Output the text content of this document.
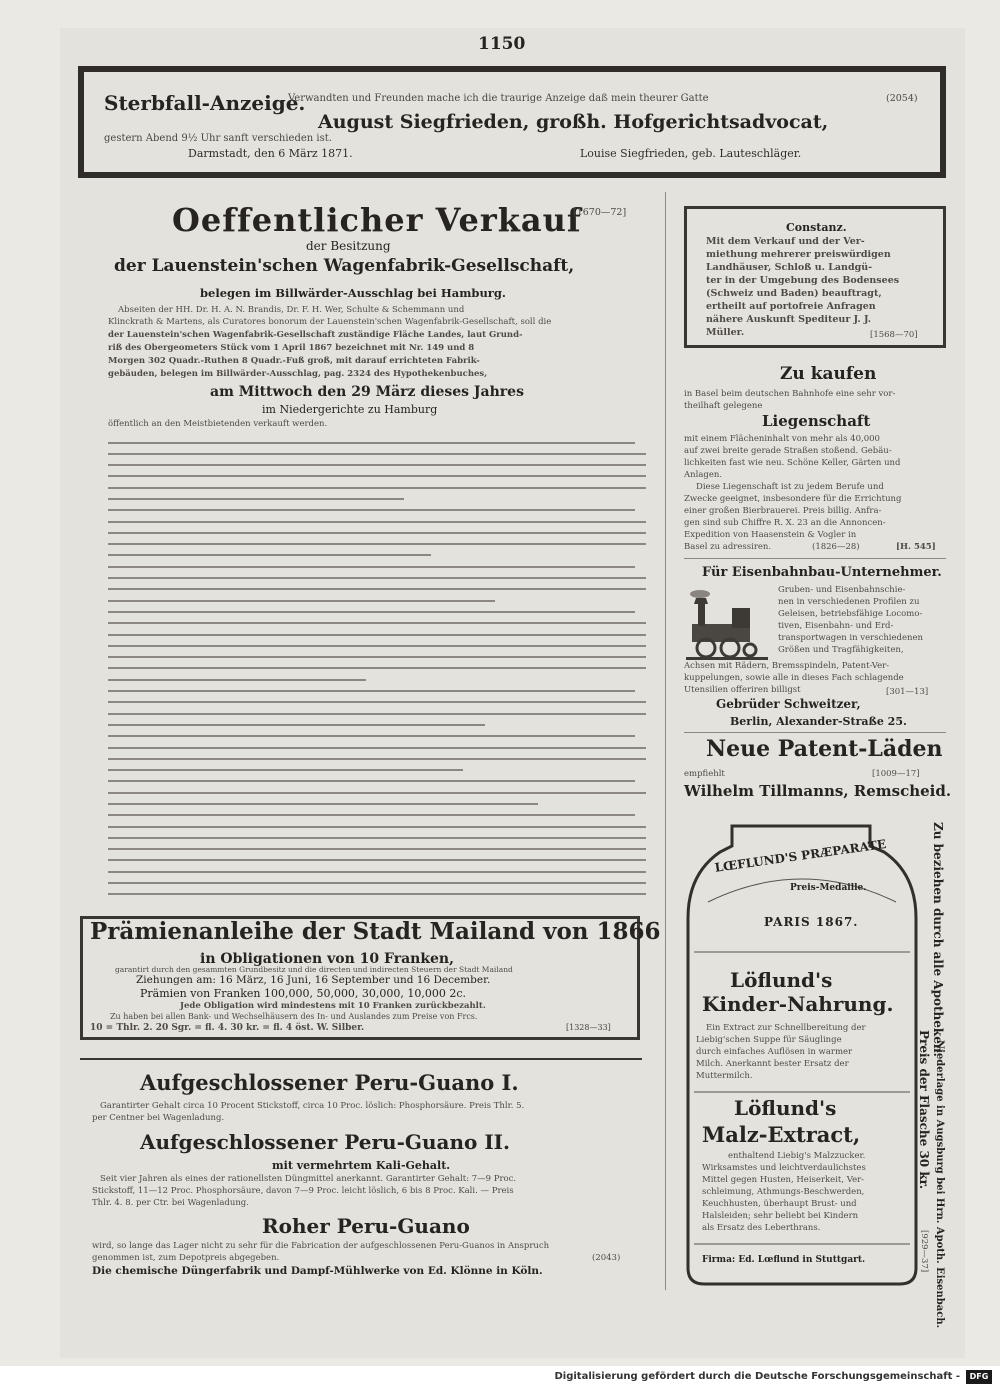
1150
Sterbfall-Anzeige.
Verwandten und Freunden mache ich die traurige Anzeige daß mein theurer Gatte	(2054)
August Siegfrieden, großh. Hofgerichtsadvocat,
gestern Abend 9½ Uhr sanft verschieden ist.
Darmstadt, den 6 März 1871.	Louise Siegfrieden, geb. Lauteschläger.
Oeffentlicher Verkauf
[1670—72]
der Besitzung
der Lauenstein'schen Wagenfabrik-Gesellschaft,
belegen im Billwärder-Ausschlag bei Hamburg.
Abseiten der HH. Dr. H. A. N. Brandis, Dr. F. H. Wer, Schulte & Schemmann und
Klinckrath & Martens, als Curatores bonorum der Lauenstein'schen Wagenfabrik-Gesellschaft, soll die
der Lauenstein'schen Wagenfabrik-Gesellschaft zuständige Fläche Landes, laut Grund-
riß des Obergeometers Stück vom 1 April 1867 bezeichnet mit Nr. 149 und 8
Morgen 302 Quadr.-Ruthen 8 Quadr.-Fuß groß, mit darauf errichteten Fabrik-
gebäuden, belegen im Billwärder-Ausschlag, pag. 2324 des Hypothekenbuches,
am Mittwoch den 29 März dieses Jahres
im Niedergerichte zu Hamburg
öffentlich an den Meistbietenden verkauft werden.
Prämienanleihe der Stadt Mailand von 1866
in Obligationen von 10 Franken,
garantirt durch den gesammten Grundbesitz und die directen und indirecten Steuern der Stadt Mailand
Ziehungen am: 16 März, 16 Juni, 16 September und 16 December.
Prämien von Franken 100,000, 50,000, 30,000, 10,000 2c.
Jede Obligation wird mindestens mit 10 Franken zurückbezahlt.
Zu haben bei allen Bank- und Wechselhäusern des In- und Auslandes zum Preise von Frcs.
10 = Thlr. 2. 20 Sgr. = fl. 4. 30 kr. = fl. 4 öst. W. Silber.	[1328—33]
Aufgeschlossener Peru-Guano I.
Garantirter Gehalt circa 10 Procent Stickstoff, circa 10 Proc. löslich: Phosphorsäure. Preis Thlr. 5.
per Centner bei Wagenladung.
Aufgeschlossener Peru-Guano II.
mit vermehrtem Kali-Gehalt.
Seit vier Jahren als eines der rationellsten Düngmittel anerkannt. Garantirter Gehalt: 7—9 Proc.
Stickstoff, 11—12 Proc. Phosphorsäure, davon 7—9 Proc. leicht löslich, 6 bis 8 Proc. Kali. — Preis
Thlr. 4. 8. per Ctr. bei Wagenladung.
Roher Peru-Guano
wird, so lange das Lager nicht zu sehr für die Fabrication der aufgeschlossenen Peru-Guanos in Anspruch
genommen ist, zum Depotpreis abgegeben.	(2043)
Die chemische Düngerfabrik und Dampf-Mühlwerke von Ed. Klönne in Köln.
Constanz.
Mit dem Verkauf und der Ver-
miethung mehrerer preiswürdigen
Landhäuser, Schloß u. Landgü-
ter in der Umgebung des Bodensees
(Schweiz und Baden) beauftragt,
ertheilt auf portofreie Anfragen
nähere Auskunft Spediteur J. J.
Müller.	[1568—70]
Zu kaufen
in Basel beim deutschen Bahnhofe eine sehr vor-
theilhaft gelegene
Liegenschaft
mit einem Flächeninhalt von mehr als 40,000
auf zwei breite gerade Straßen stoßend. Gebäu-
lichkeiten fast wie neu. Schöne Keller, Gärten und
Anlagen.
Diese Liegenschaft ist zu jedem Berufe und
Zwecke geeignet, insbesondere für die Errichtung
einer großen Bierbrauerei. Preis billig. Anfra-
gen sind sub Chiffre R. X. 23 an die Annoncen-
Expedition von Haasenstein & Vogler in
Basel zu adressiren.	(1826—28)	[H. 545]
Für Eisenbahnbau-Unternehmer.
Gruben- und Eisenbahnschie-
nen in verschiedenen Profilen zu
Geleisen, betriebsfähige Locomo-
tiven, Eisenbahn- und Erd-
transportwagen in verschiedenen
Größen und Tragfähigkeiten,
Achsen mit Rädern, Bremsspindeln, Patent-Ver-
kuppelungen, sowie alle in dieses Fach schlagende
Utensilien offeriren billigst	[301—13]
Gebrüder Schweitzer,
Berlin, Alexander-Straße 25.
Neue Patent-Läden
empfiehlt	[1009—17]
Wilhelm Tillmanns, Remscheid.
LŒFLUND'S PRÆPARATE
Preis-Medaille.
PARIS 1867.
Löflund's
Kinder-Nahrung.
Ein Extract zur Schnellbereitung der
Liebig'schen Suppe für Säuglinge
durch einfaches Auflösen in warmer
Milch. Anerkannt bester Ersatz der
Muttermilch.
Löflund's
Malz-Extract,
enthaltend Liebig's Malzzucker.
Wirksamstes und leichtverdaulichstes
Mittel gegen Husten, Heiserkeit, Ver-
schleimung, Athmungs-Beschwerden,
Keuchhusten, überhaupt Brust- und
Halsleiden; sehr beliebt bei Kindern
als Ersatz des Leberthrans.
Firma: Ed. Lœflund in Stuttgart.
Zu beziehen durch alle Apotheken.
Preis der Flasche 30 kr. Niederlage in Augsburg bei Hrn. Apoth. Eisenbach.
[929—37]
Digitalisierung gefördert durch die Deutsche Forschungsgemeinschaft -	DFG
